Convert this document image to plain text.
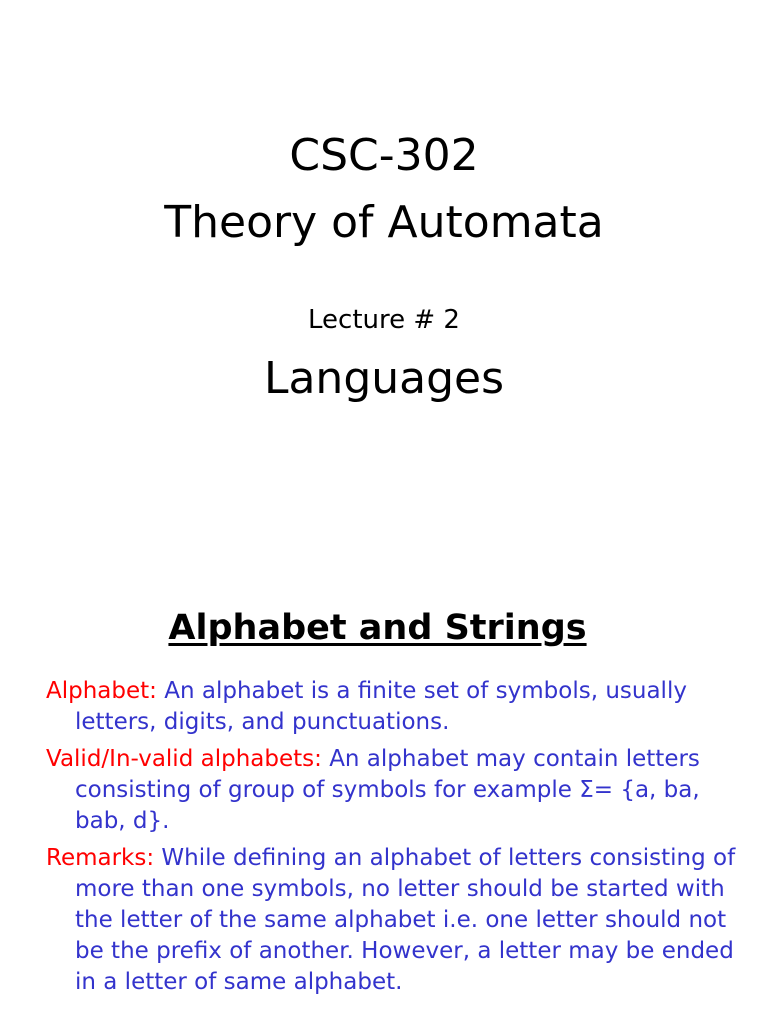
CSC-302
Theory of Automata
Lecture # 2
Languages
Alphabet and Strings
Alphabet: An alphabet is a finite set of symbols, usually letters, digits, and punctuations.
Valid/In-valid alphabets: An alphabet may contain letters consisting of group of symbols for example Σ= {a, ba, bab, d}.
Remarks: While defining an alphabet of letters consisting of more than one symbols, no letter should be started with the letter of the same alphabet i.e. one letter should not be the prefix of another. However, a letter may be ended in a letter of same alphabet.
